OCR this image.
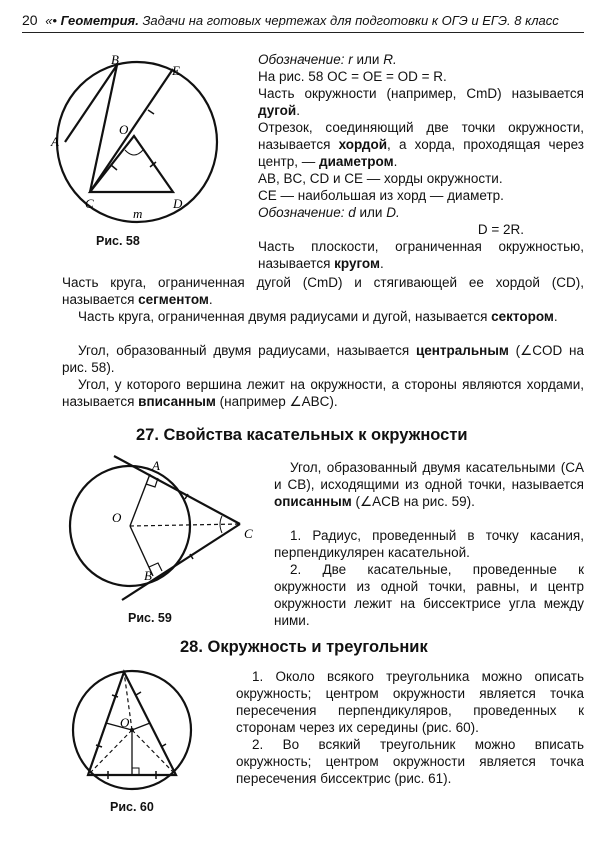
20 «• Геометрия. Задачи на готовых чертежах для подготовки к ОГЭ и ЕГЭ. 8 класс
B
E
O
A
C	D
m
Рис. 58
Обозначение: r или R.
На рис. 58 OC = OE = OD = R.
Часть окружности (например, CmD) называется дугой.
Отрезок, соединяющий две точки окружности, называется хордой, а хорда, проходящая через центр, — диаметром.
AB, BC, CD и CE — хорды окружности.
CE — наибольшая из хорд — диаметр.
Обозначение: d или D.
D = 2R.
Часть плоскости, ограниченная окружностью, называется кругом.
Часть круга, ограниченная дугой (CmD) и стягивающей ее хордой (CD), называется сегментом.
Часть круга, ограниченная двумя радиусами и дугой, называется сектором.
Угол, образованный двумя радиусами, называется центральным (∠COD на рис. 58).
Угол, у которого вершина лежит на окружности, а стороны являются хордами, называется вписанным (например ∠ABC).
27. Свойства касательных к окружности
A
B
O
C
Рис. 59
Угол, образованный двумя касательными (CA и CB), исходящими из одной точки, называется описанным (∠ACB на рис. 59).
1. Радиус, проведенный в точку касания, перпендикулярен касательной.
2. Две касательные, проведенные к окружности из одной точки, равны, и центр окружности лежит на биссектрисе угла между ними.
28. Окружность и треугольник
O
Рис. 60
1. Около всякого треугольника можно описать окружность; центром окружности является точка пересечения перпендикуляров, проведенных к сторонам через их середины (рис. 60).
2. Во всякий треугольник можно вписать окружность; центром окружности является точка пересечения биссектрис (рис. 61).
